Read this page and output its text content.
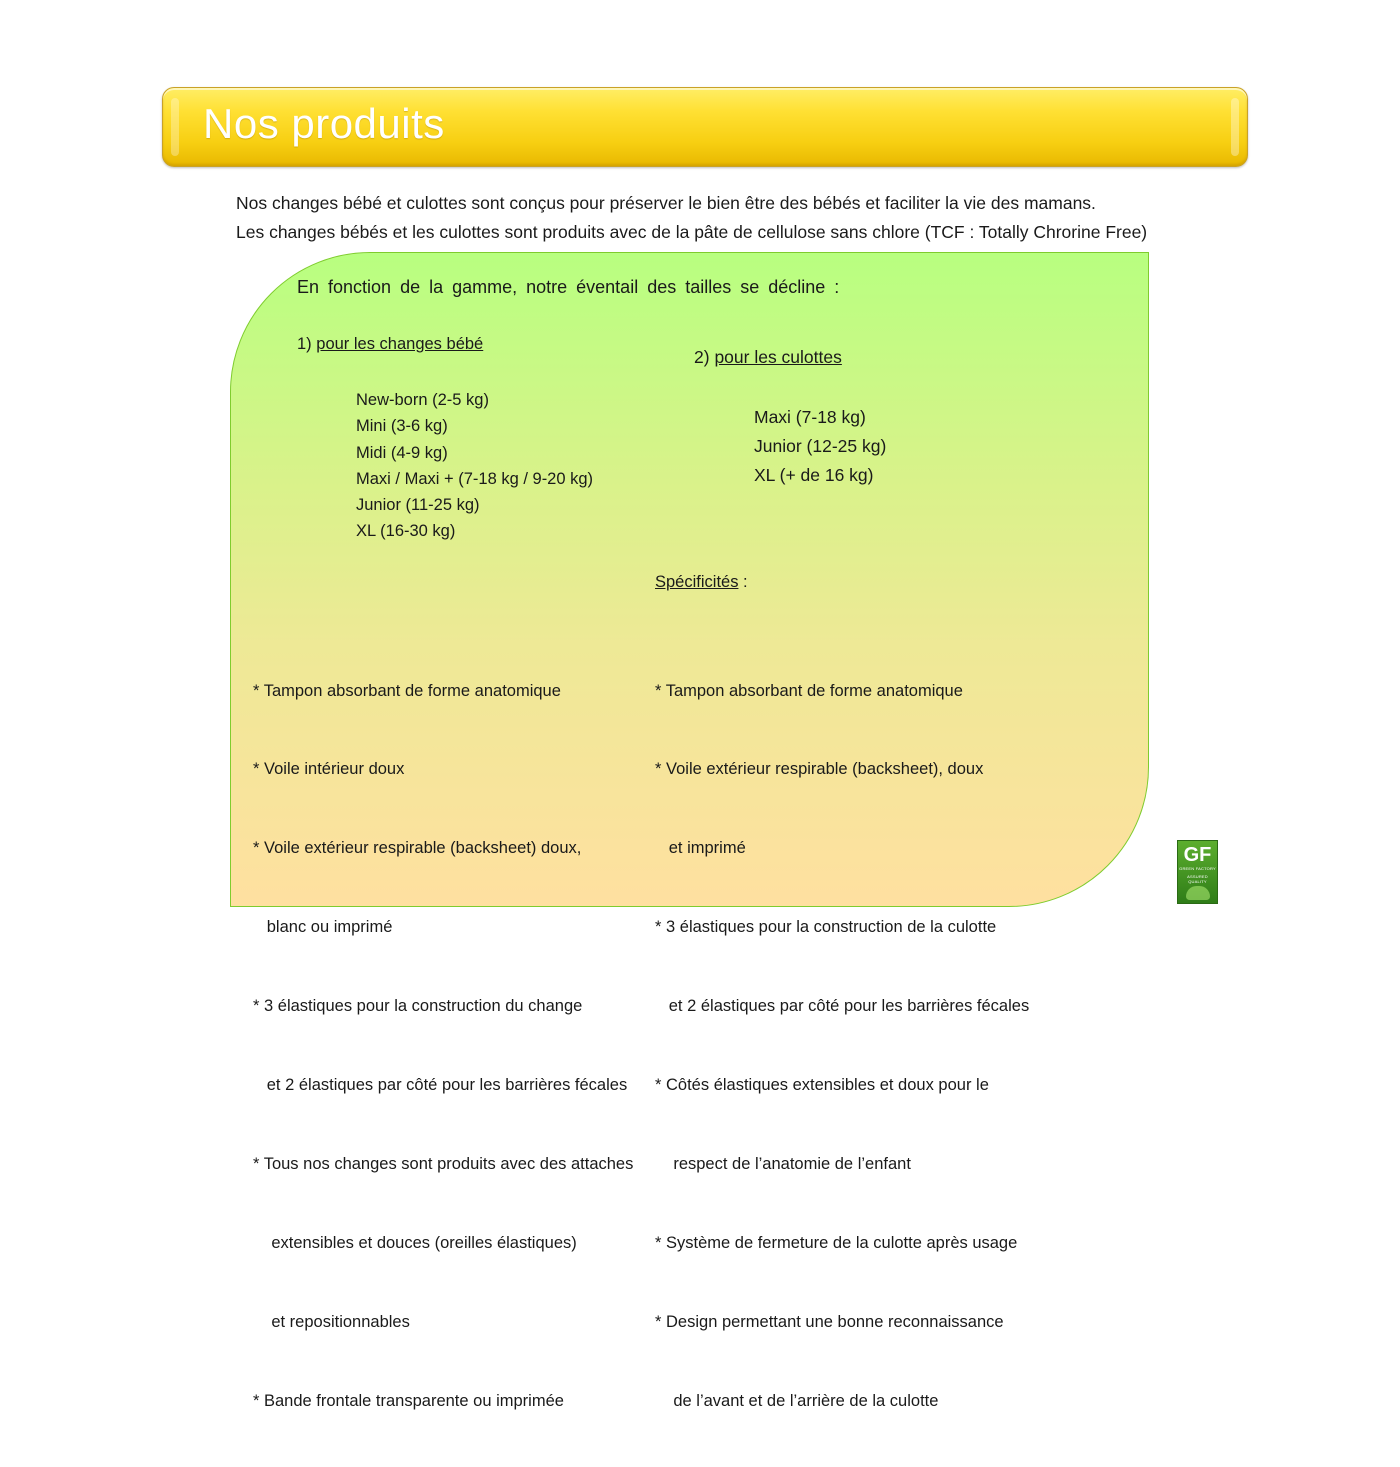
Nos produits
Nos changes bébé et culottes sont conçus pour préserver le bien être des bébés et faciliter la vie des mamans.
Les changes bébés et les culottes sont produits avec de la pâte de cellulose sans chlore (TCF : Totally Chrorine Free)
En fonction de la gamme, notre éventail des tailles se décline :
1) pour les changes bébé
2) pour les culottes
New-born (2-5 kg)
Mini (3-6 kg)
Midi (4-9 kg)
Maxi / Maxi + (7-18 kg / 9-20 kg)
Junior (11-25 kg)
XL (16-30 kg)
Maxi (7-18 kg)
Junior (12-25 kg)
XL (+ de 16 kg)
Spécificités :

* Tampon absorbant de forme anatomique

* Voile intérieur doux

* Voile extérieur respirable (backsheet) doux,

blanc ou imprimé

* 3 élastiques pour la construction du change

et 2 élastiques par côté pour les barrières fécales

* Tous nos changes sont produits avec des attaches

extensibles et douces (oreilles élastiques)

et repositionnables

* Bande frontale transparente ou imprimée

* Tampon absorbant de forme anatomique

* Voile extérieur respirable (backsheet), doux

et imprimé

* 3 élastiques pour la construction de la culotte

et 2 élastiques par côté pour les barrières fécales

* Côtés élastiques extensibles et doux pour le

respect de l’anatomie de l’enfant

* Système de fermeture de la culotte après usage

* Design permettant une bonne reconnaissance

de l’avant et de l’arrière de la culotte

GF
GREEN FACTORY
ASSURED
QUALITY
